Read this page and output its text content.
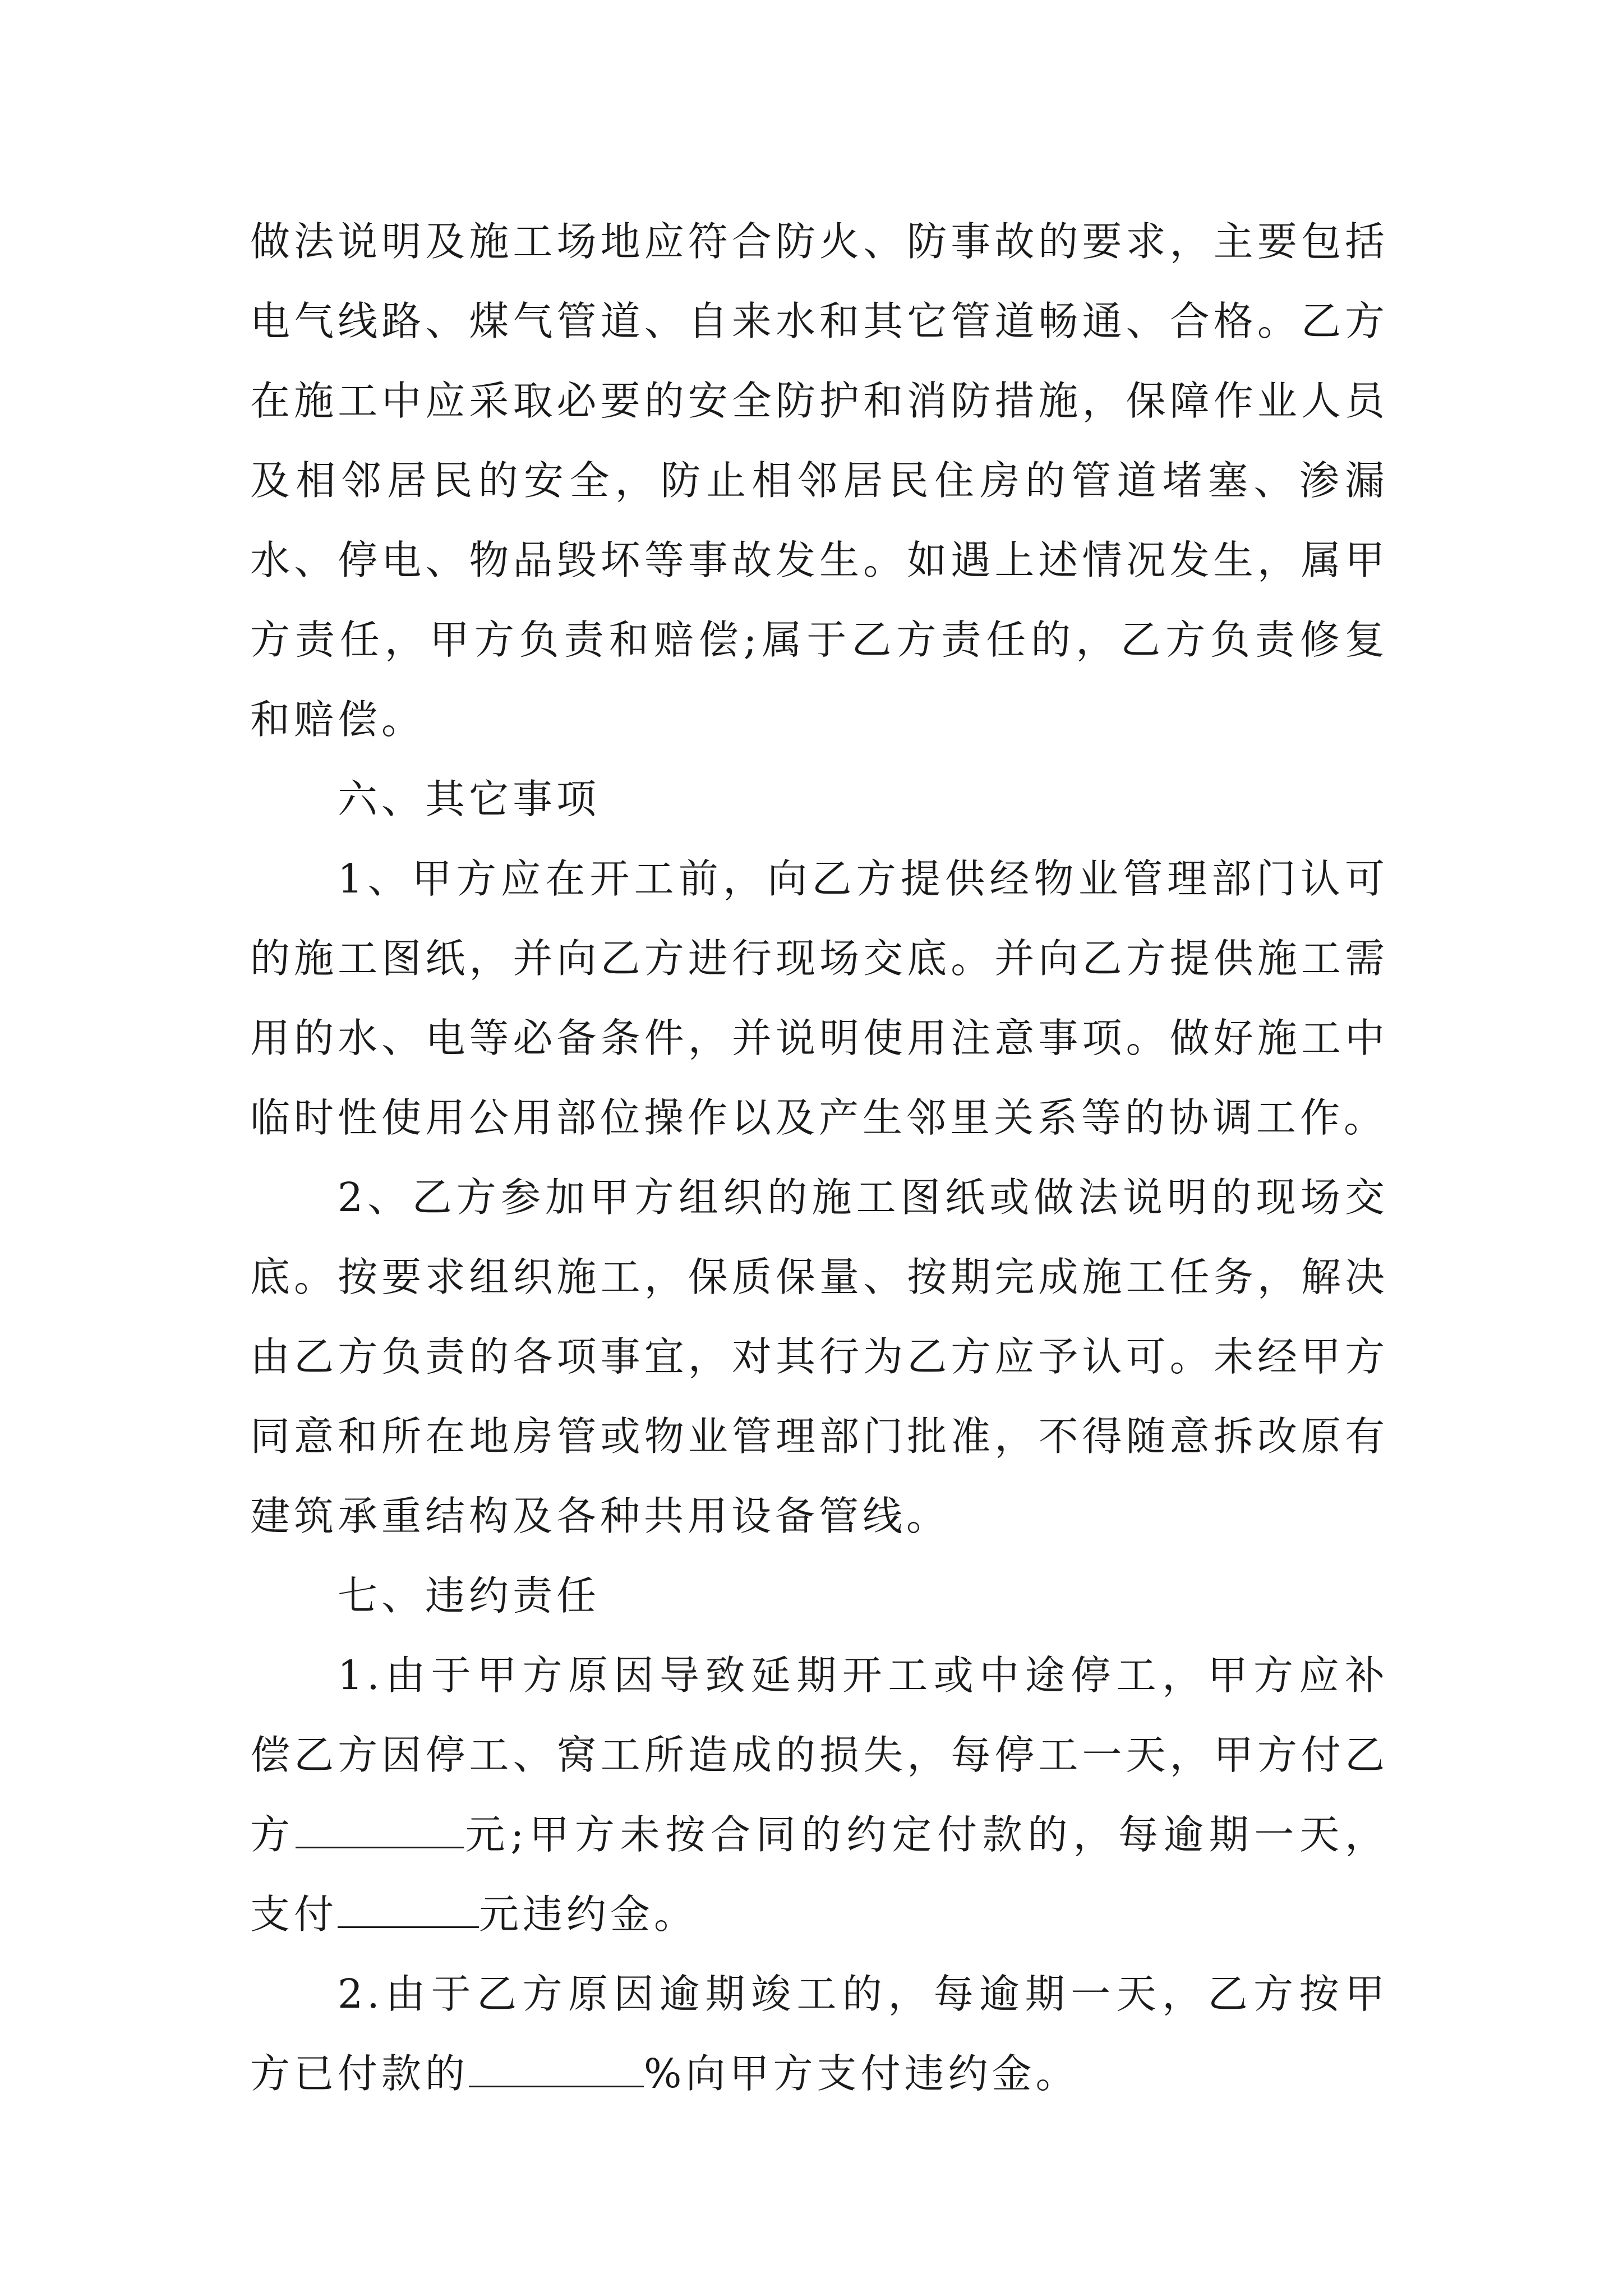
做法说明及施工场地应符合防火、防事故的要求，主要包括电气线路、煤气管道、自来水和其它管道畅通、合格。乙方在施工中应采取必要的安全防护和消防措施，保障作业人员及相邻居民的安全，防止相邻居民住房的管道堵塞、渗漏水、停电、物品毁坏等事故发生。如遇上述情况发生，属甲方责任，甲方负责和赔偿;属于乙方责任的，乙方负责修复和赔偿。

六、其它事项

1、甲方应在开工前，向乙方提供经物业管理部门认可的施工图纸，并向乙方进行现场交底。并向乙方提供施工需用的水、电等必备条件，并说明使用注意事项。做好施工中临时性使用公用部位操作以及产生邻里关系等的协调工作。

2、乙方参加甲方组织的施工图纸或做法说明的现场交底。按要求组织施工，保质保量、按期完成施工任务，解决由乙方负责的各项事宜，对其行为乙方应予认可。未经甲方同意和所在地房管或物业管理部门批准，不得随意拆改原有建筑承重结构及各种共用设备管线。

七、违约责任

1.由于甲方原因导致延期开工或中途停工，甲方应补偿乙方因停工、窝工所造成的损失，每停工一天，甲方付乙方	元;甲方未按合同的约定付款的，每逾期一天，支付	元违约金。

2.由于乙方原因逾期竣工的，每逾期一天，乙方按甲方已付款的	%向甲方支付违约金。
